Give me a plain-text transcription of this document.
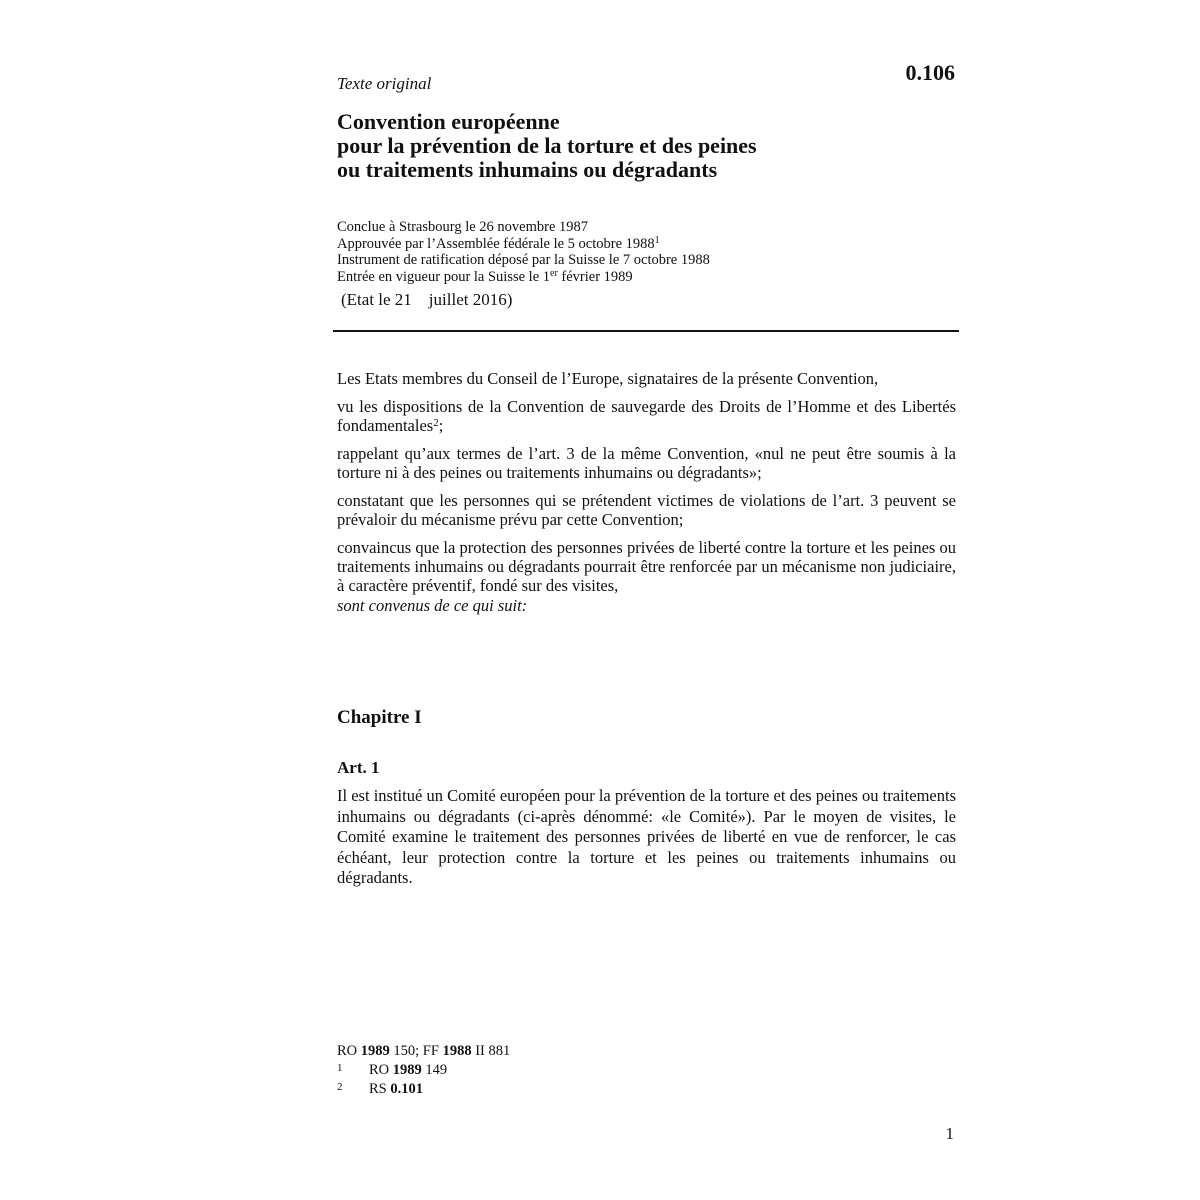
Texte original	0.106
Convention européenne
pour la prévention de la torture et des peines
ou traitements inhumains ou dégradants
Conclue à Strasbourg le 26 novembre 1987
Approuvée par l’Assemblée fédérale le 5 octobre 1988$^1$
Instrument de ratification déposé par la Suisse le 7 octobre 1988
Entrée en vigueur pour la Suisse le 1er février 1989
(Etat le 21    juillet 2016)

Les Etats membres du Conseil de l’Europe, signataires de la présente Convention,

vu les dispositions de la Convention de sauvegarde des Droits de l’Homme et des Libertés fondamentales$^2$;

rappelant qu’aux termes de l’art. 3 de la même Convention, «nul ne peut être soumis à la torture ni à des peines ou traitements inhumains ou dégradants»;

constatant que les personnes qui se prétendent victimes de violations de l’art. 3 peuvent se prévaloir du mécanisme prévu par cette Convention;

convaincus que la protection des personnes privées de liberté contre la torture et les peines ou traitements inhumains ou dégradants pourrait être renforcée par un mécanisme non judiciaire, à caractère préventif, fondé sur des visites,

sont convenus de ce qui suit:

Chapitre I
Art. 1

Il est institué un Comité européen pour la prévention de la torture et des peines ou traitements inhumains ou dégradants (ci-après dénommé: «le Comité»). Par le moyen de visites, le Comité examine le traitement des personnes privées de liberté en vue de renforcer, le cas échéant, leur protection contre la torture et les peines ou traitements inhumains ou dégradants.

RO 1989 150; FF 1988 II 881
1 RO 1989 149
2 RS 0.101
1
